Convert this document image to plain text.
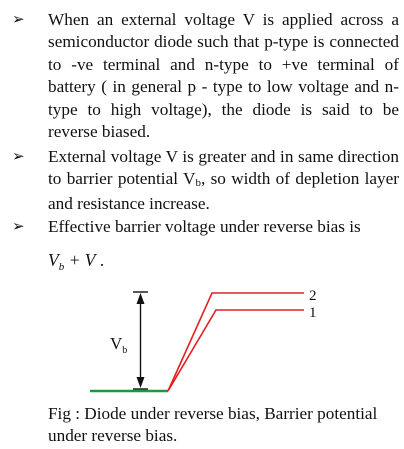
➢ When an external voltage V is applied across a semiconductor diode such that p-type is connected to -ve terminal and n-type to +ve terminal of battery ( in general p - type to low voltage and n-type to high voltage), the diode is said to be reverse biased.
➢ External voltage V is greater and in same direction to barrier potential $V_b$, so width of depletion layer and resistance increase.
➢ Effective barrier voltage under reverse bias is
$V_b + V$ .
$V_b$
2
1
Fig : Diode under reverse bias, Barrier potential under reverse bias.
